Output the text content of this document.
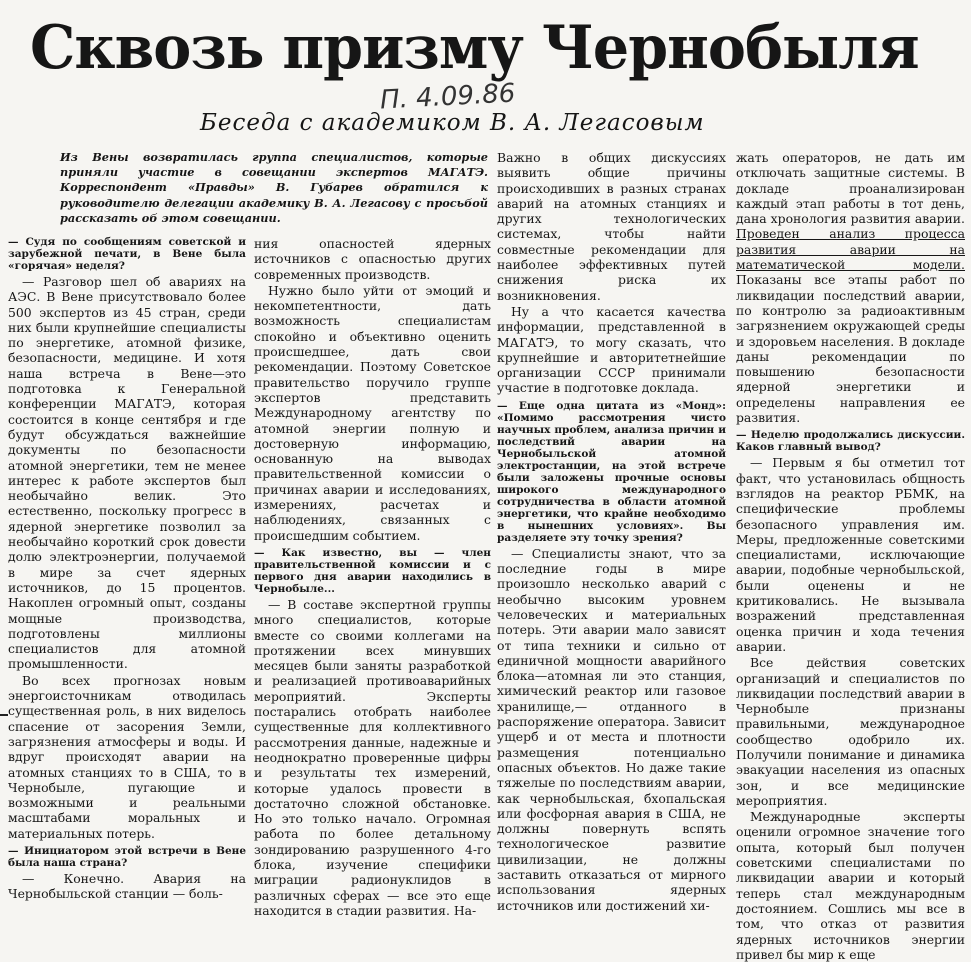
Сквозь призму Чернобыля
П. 4.09.86
Беседа с академиком В. А. Легасовым
Из Вены возвратилась группа специалистов, которые приняли участие в совещании экспертов МАГАТЭ. Корреспондент «Правды» В. Губарев обратился к руководителю делегации академику В. А. Легасову с просьбой рассказать об этом совещании.

— Судя по сообщениям советской и зарубежной печати, в Вене была «горячая» неделя?

— Разговор шел об авариях на АЭС. В Вене присутствовало более 500 экспертов из 45 стран, среди них были крупнейшие специалисты по энергетике, атомной физике, безопасности, медицине. И хотя наша встреча в Вене—это подготовка к Генеральной конференции МАГАТЭ, которая состоится в конце сентября и где будут обсуждаться важнейшие документы по безопасности атомной энергетики, тем не менее интерес к работе экспертов был необычайно велик. Это естественно, поскольку прогресс в ядерной энергетике позволил за необычайно короткий срок довести долю электроэнергии, получаемой в мире за счет ядерных источников, до 15 процентов. Накоплен огромный опыт, созданы мощные производства, подготовлены миллионы специалистов для атомной промышленности.

Во всех прогнозах новым энергоисточникам отводилась существенная роль, в них виделось спасение от засорения Земли, загрязнения атмосферы и воды. И вдруг происходят аварии на атомных станциях то в США, то в Чернобыле, пугающие и возможными и реальными масштабами моральных и материальных потерь.

— Инициатором этой встречи в Вене была наша страна?

— Конечно. Авария на Чернобыльской станции — боль-

ния опасностей ядерных источников с опасностью других современных производств.

Нужно было уйти от эмоций и некомпетентности, дать возможность специалистам спокойно и объективно оценить происшедшее, дать свои рекомендации. Поэтому Советское правительство поручило группе экспертов представить Международному агентству по атомной энергии полную и достоверную информацию, основанную на выводах правительственной комиссии о причинах аварии и исследованиях, измерениях, расчетах и наблюдениях, связанных с происшедшим событием.

— Как известно, вы — член правительственной комиссии и с первого дня аварии находились в Чернобыле...

— В составе экспертной группы много специалистов, которые вместе со своими коллегами на протяжении всех минувших месяцев были заняты разработкой и реализацией противоаварийных мероприятий. Эксперты постарались отобрать наиболее существенные для коллективного рассмотрения данные, надежные и неоднократно проверенные цифры и результаты тех измерений, которые удалось провести в достаточно сложной обстановке. Но это только начало. Огромная работа по более детальному зондированию разрушенного 4-го блока, изучение специфики миграции радионуклидов в различных сферах — все это еще находится в стадии развития. На-

Важно в общих дискуссиях выявить общие причины происходивших в разных странах аварий на атомных станциях и других технологических системах, чтобы найти совместные рекомендации для наиболее эффективных путей снижения риска их возникновения.

Ну а что касается качества информации, представленной в МАГАТЭ, то могу сказать, что крупнейшие и авторитетнейшие организации СССР принимали участие в подготовке доклада.

— Еще одна цитата из «Монд»: «Помимо рассмотрения чисто научных проблем, анализа причин и последствий аварии на Чернобыльской атомной электростанции, на этой встрече были заложены прочные основы широкого международного сотрудничества в области атомной энергетики, что крайне необходимо в нынешних условиях». Вы разделяете эту точку зрения?

— Специалисты знают, что за последние годы в мире произошло несколько аварий с необычно высоким уровнем человеческих и материальных потерь. Эти аварии мало зависят от типа техники и сильно от единичной мощности аварийного блока—атомная ли это станция, химический реактор или газовое хранилище,— отданного в распоряжение оператора. Зависит ущерб и от места и плотности размещения потенциально опасных объектов. Но даже такие тяжелые по последствиям аварии, как чернобыльская, бхопальская или фосфорная авария в США, не должны повернуть вспять технологическое развитие цивилизации, не должны заставить отказаться от мирного использования ядерных источников или достижений хи-

жать операторов, не дать им отключать защитные системы. В докладе проанализирован каждый этап работы в тот день, дана хронология развития аварии. Проведен анализ процесса развития аварии на математической модели. Показаны все этапы работ по ликвидации последствий аварии, по контролю за радиоактивным загрязнением окружающей среды и здоровьем населения. В докладе даны рекомендации по повышению безопасности ядерной энергетики и определены направления ее развития.

— Неделю продолжались дискуссии. Каков главный вывод?

— Первым я бы отметил тот факт, что установилась общность взглядов на реактор РБМК, на специфические проблемы безопасного управления им. Меры, предложенные советскими специалистами, исключающие аварии, подобные чернобыльской, были оценены и не критиковались. Не вызывала возражений представленная оценка причин и хода течения аварии.

Все действия советских организаций и специалистов по ликвидации последствий аварии в Чернобыле признаны правильными, международное сообщество одобрило их. Получили понимание и динамика эвакуации населения из опасных зон, и все медицинские мероприятия.

Международные эксперты оценили огромное значение того опыта, который был получен советскими специалистами по ликвидации аварии и который теперь стал международным достоянием. Сошлись мы все в том, что отказ от развития ядерных источников энергии привел бы мир к еще
